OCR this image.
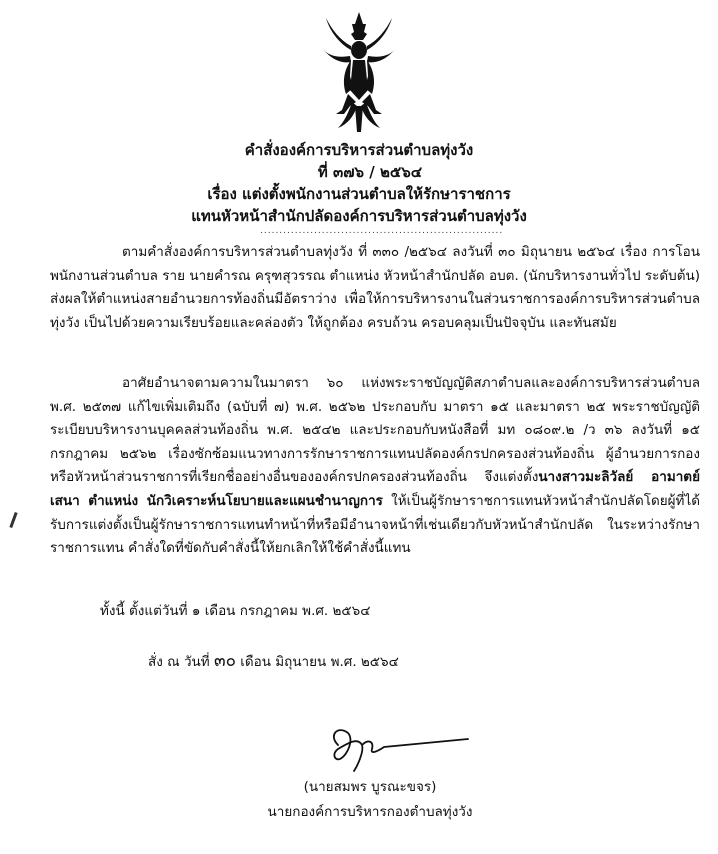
คำสั่งองค์การบริหารส่วนตำบลทุ่งวัง
ที่ ๓๗๖ / ๒๕๖๔
เรื่อง แต่งตั้งพนักงานส่วนตำบลให้รักษาราชการ
แทนหัวหน้าสำนักปลัดองค์การบริหารส่วนตำบลทุ่งวัง
...............................................................
ตามคำสั่งองค์การบริหารส่วนตำบลทุ่งวัง ที่ ๓๓๐ /๒๕๖๔ ลงวันที่ ๓๐ มิถุนายน ๒๕๖๔ เรื่อง การโอนพนักงานส่วนตำบล ราย นายคำรณ ครุฑสุวรรณ ตำแหน่ง หัวหน้าสำนักปลัด อบต. (นักบริหารงานทั่วไป ระดับต้น) ส่งผลให้ตำแหน่งสายอำนวยการท้องถิ่นมีอัตราว่าง เพื่อให้การบริหารงานในส่วนราชการองค์การบริหารส่วนตำบลทุ่งวัง เป็นไปด้วยความเรียบร้อยและคล่องตัว ให้ถูกต้อง ครบถ้วน ครอบคลุมเป็นปัจจุบัน และทันสมัย
อาศัยอำนาจตามความในมาตรา ๖๐ แห่งพระราชบัญญัติสภาตำบลและองค์การบริหารส่วนตำบล พ.ศ. ๒๕๓๗ แก้ไขเพิ่มเติมถึง (ฉบับที่ ๗) พ.ศ. ๒๕๖๒ ประกอบกับ มาตรา ๑๕ และมาตรา ๒๕ พระราชบัญญัติระเบียบบริหารงานบุคคลส่วนท้องถิ่น พ.ศ. ๒๕๔๒ และประกอบกับหนังสือที่ มท ๐๘๐๙.๒ /ว ๓๖ ลงวันที่ ๑๕ กรกฎาคม ๒๕๖๒ เรื่องซักซ้อมแนวทางการรักษาราชการแทนปลัดองค์กรปกครองส่วนท้องถิ่น ผู้อำนวยการกองหรือหัวหน้าส่วนราชการที่เรียกชื่ออย่างอื่นขององค์กรปกครองส่วนท้องถิ่น จึงแต่งตั้งนางสาวมะลิวัลย์ อามาตย์เสนา ตำแหน่ง นักวิเคราะห์นโยบายและแผนชำนาญการ ให้เป็นผู้รักษาราชการแทนหัวหน้าสำนักปลัดโดยผู้ที่ได้รับการแต่งตั้งเป็นผู้รักษาราชการแทนทำหน้าที่หรือมีอำนาจหน้าที่เช่นเดียวกับหัวหน้าสำนักปลัด ในระหว่างรักษาราชการแทน คำสั่งใดที่ขัดกับคำสั่งนี้ให้ยกเลิกให้ใช้คำสั่งนี้แทน
ทั้งนี้ ตั้งแต่วันที่ ๑ เดือน กรกฎาคม พ.ศ. ๒๕๖๔
สั่ง ณ วันที่ ๓๐ เดือน มิถุนายน พ.ศ. ๒๕๖๔
(นายสมพร บูรณะขจร)
นายกองค์การบริหารกองตำบลทุ่งวัง
